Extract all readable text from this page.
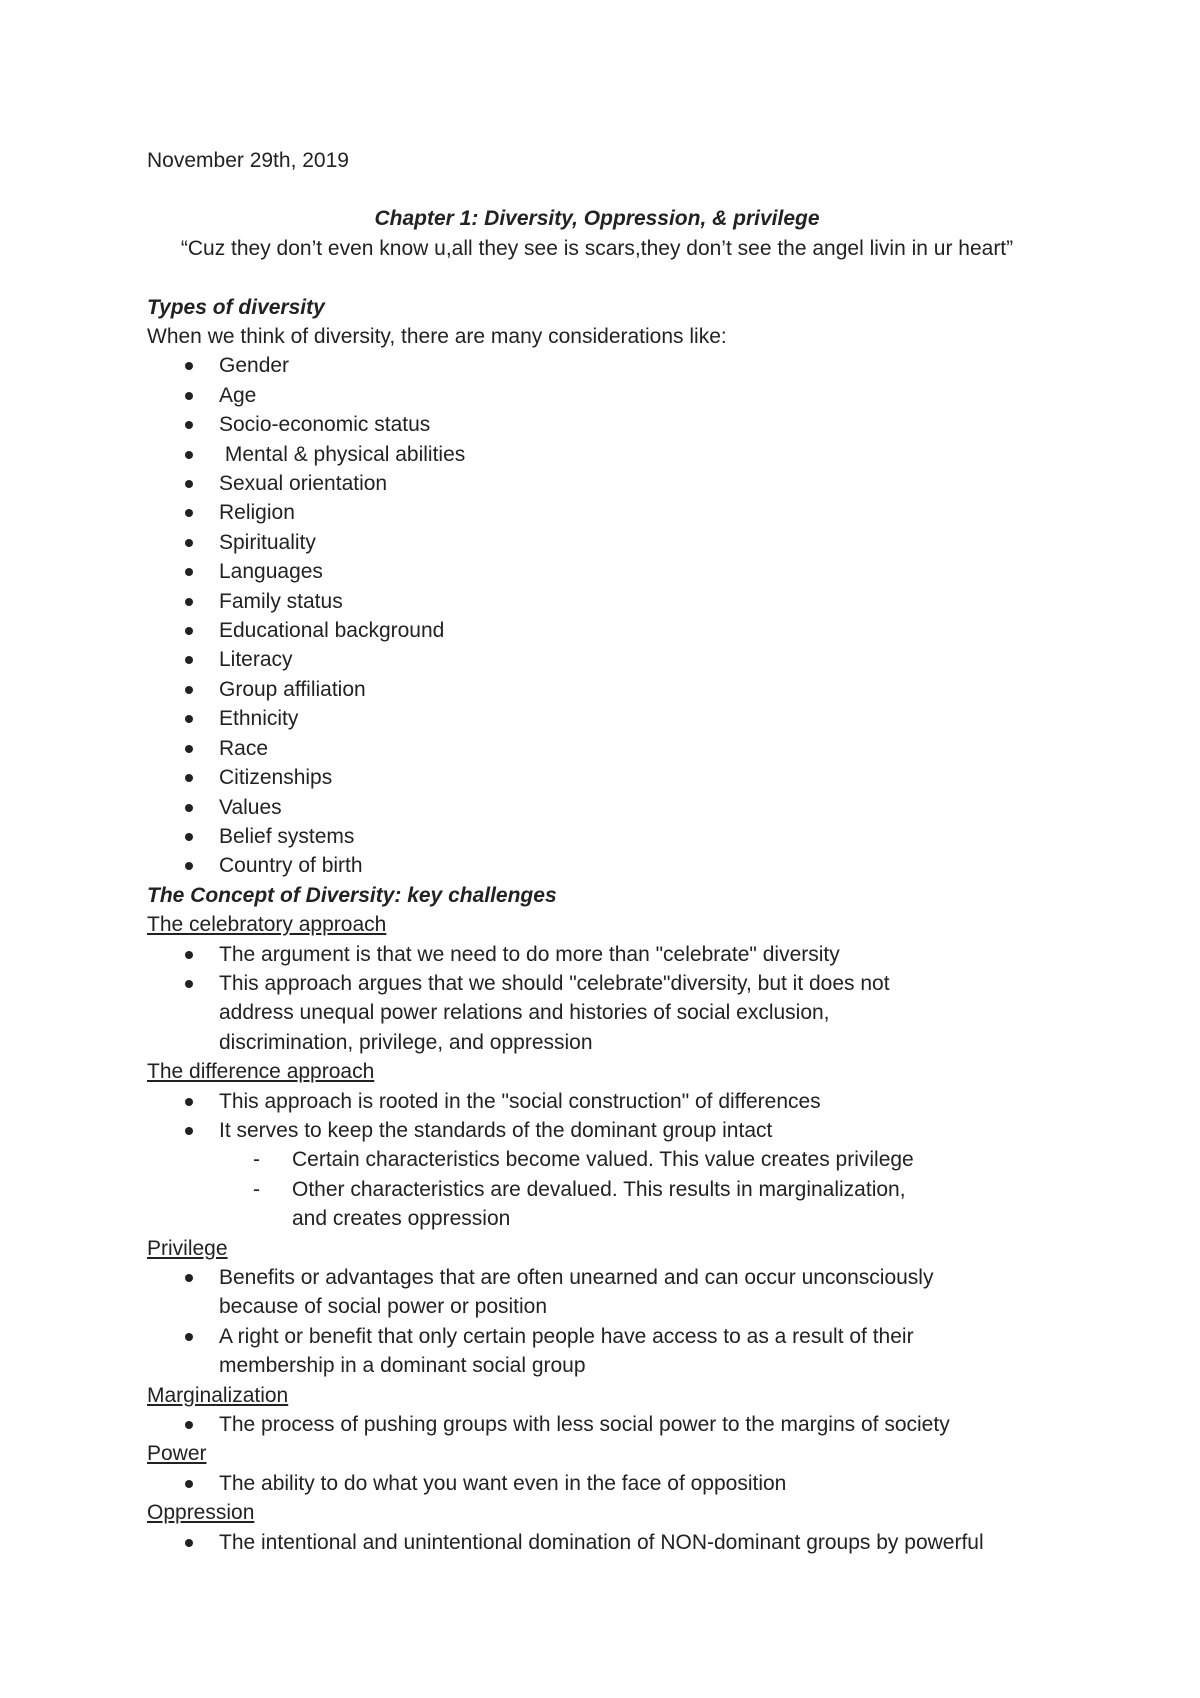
November 29th, 2019

Chapter 1: Diversity, Oppression, & privilege

“Cuz they don’t even know u,all they see is scars,they don’t see the angel livin in ur heart”

Types of diversity

When we think of diversity, there are many considerations like:

Gender
Age
Socio-economic status
Mental & physical abilities
Sexual orientation
Religion
Spirituality
Languages
Family status
Educational background
Literacy
Group affiliation
Ethnicity
Race
Citizenships
Values
Belief systems
Country of birth

The Concept of Diversity: key challenges

The celebratory approach

The argument is that we need to do more than "celebrate" diversity
This approach argues that we should "celebrate"diversity, but it does not address unequal power relations and histories of social exclusion, discrimination, privilege, and oppression

The difference approach

This approach is rooted in the "social construction" of differences
It serves to keep the standards of the dominant group intact
- Certain characteristics become valued. This value creates privilege
- Other characteristics are devalued. This results in marginalization, and creates oppression

Privilege

Benefits or advantages that are often unearned and can occur unconsciously because of social power or position
A right or benefit that only certain people have access to as a result of their membership in a dominant social group

Marginalization

The process of pushing groups with less social power to the margins of society

Power

The ability to do what you want even in the face of opposition

Oppression

The intentional and unintentional domination of NON-dominant groups by powerful
